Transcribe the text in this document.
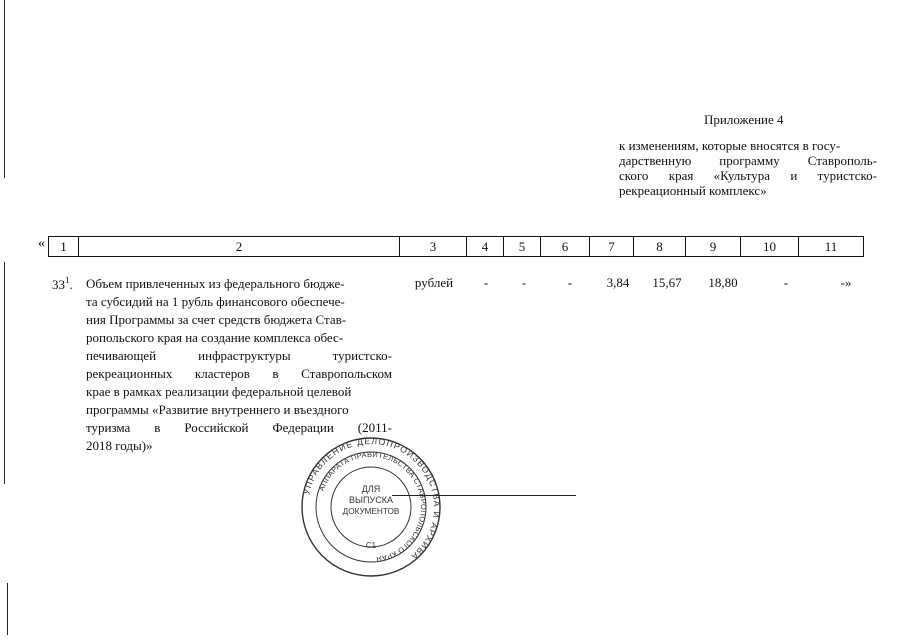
Приложение 4
к изменениям, которые вносятся в госу-
дарственную программу Ставрополь-
ского края «Культура и туристско-
рекреационный комплекс»
«	1	2	3	4	5	6	7	8	9	10	11
$33^1$. Объем привлеченных из федерального бюдже-
та субсидий на 1 рубль финансового обеспече-
ния Программы за счет средств бюджета Став-
ропольского края на создание комплекса обес-
печивающей	инфраструктуры	туристско-
рекреационных кластеров в Ставропольском
крае в рамках реализации федеральной целевой
программы «Развитие внутреннего и въездного
туризма в Российской Федерации (2011-
2018 годы)»
рублей	-	-	-	3,84	15,67	18,80	-	-»
УПРАВЛЕНИЕ ДЕЛОПРОИЗВОДСТВА И АРХИВА
АППАРАТА ПРАВИТЕЛЬСТВА СТАВРОПОЛЬСКОГО КРАЯ
ДЛЯ
ВЫПУСКА
ДОКУМЕНТОВ
С1
